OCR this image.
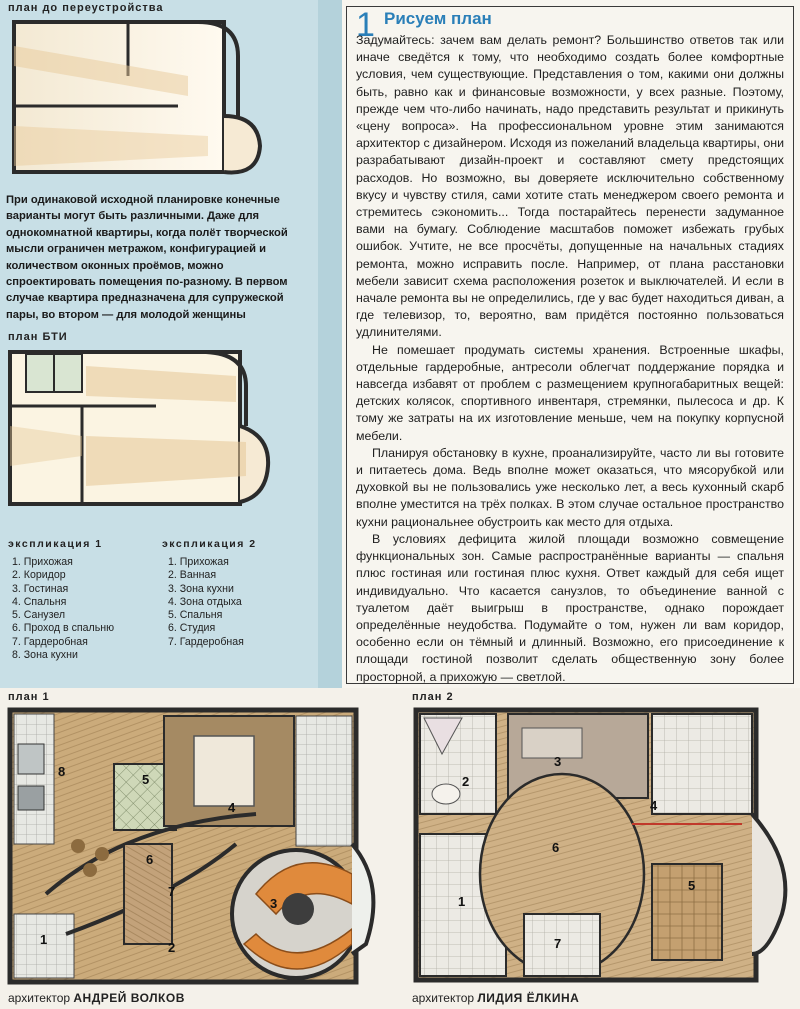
план до переустройства
При одинаковой исходной планировке конечные варианты могут быть различными. Даже для однокомнатной квартиры, когда полёт творческой мысли ограничен метражом, конфигурацией и количеством оконных проёмов, можно спроектировать помещения по-разному. В первом случае квартира предназначена для супружеской пары, во втором — для молодой женщины
план БТИ
экспликация 1
1. Прихожая
2. Коридор
3. Гостиная
4. Спальня
5. Санузел
6. Проход в спальню
7. Гардеробная
8. Зона кухни
экспликация 2
1. Прихожая
2. Ванная
3. Зона кухни
4. Зона отдыха
5. Спальня
6. Студия
7. Гардеробная
1 Рисуем план

Задумайтесь: зачем вам делать ремонт? Большинство ответов так или иначе сведётся к тому, что необходимо создать более комфортные условия, чем существующие. Представления о том, какими они должны быть, равно как и финансовые возможности, у всех разные. Поэтому, прежде чем что-либо начинать, надо представить результат и прикинуть «цену вопроса». На профессиональном уровне этим занимаются архитектор с дизайнером. Исходя из пожеланий владельца квартиры, они разрабатывают дизайн-проект и составляют смету предстоящих расходов. Но возможно, вы доверяете исключительно собственному вкусу и чувству стиля, сами хотите стать менеджером своего ремонта и стремитесь сэкономить... Тогда постарайтесь перенести задуманное вами на бумагу. Соблюдение масштабов поможет избежать грубых ошибок. Учтите, не все просчёты, допущенные на начальных стадиях ремонта, можно исправить после. Например, от плана расстановки мебели зависит схема расположения розеток и выключателей. И если в начале ремонта вы не определились, где у вас будет находиться диван, а где телевизор, то, вероятно, вам придётся постоянно пользоваться удлинителями.

Не помешает продумать системы хранения. Встроенные шкафы, отдельные гардеробные, антресоли облегчат поддержание порядка и навсегда избавят от проблем с размещением крупногабаритных вещей: детских колясок, спортивного инвентаря, стремянки, пылесоса и др. К тому же затраты на их изготовление меньше, чем на покупку корпусной мебели.

Планируя обстановку в кухне, проанализируйте, часто ли вы готовите и питаетесь дома. Ведь вполне может оказаться, что мясорубкой или духовкой вы не пользовались уже несколько лет, а весь кухонный скарб вполне уместится на трёх полках. В этом случае остальное пространство кухни рациональнее обустроить как место для отдыха.

В условиях дефицита жилой площади возможно совмещение функциональных зон. Самые распространённые варианты — спальня плюс гостиная или гостиная плюс кухня. Ответ каждый для себя ищет индивидуально. Что касается санузлов, то объединение ванной с туалетом даёт выигрыш в пространстве, однако порождает определённые неудобства. Подумайте о том, нужен ли вам коридор, особенно если он тёмный и длинный. Возможно, его присоединение к площади гостиной позволит сделать общественную зону более просторной, а прихожую — светлой.

план 1	план 2
1
2
3
4
5
6
7
8
1
2
3
4
5
6
7
архитектор АНДРЕЙ ВОЛКОВ	архитектор ЛИДИЯ ЁЛКИНА
